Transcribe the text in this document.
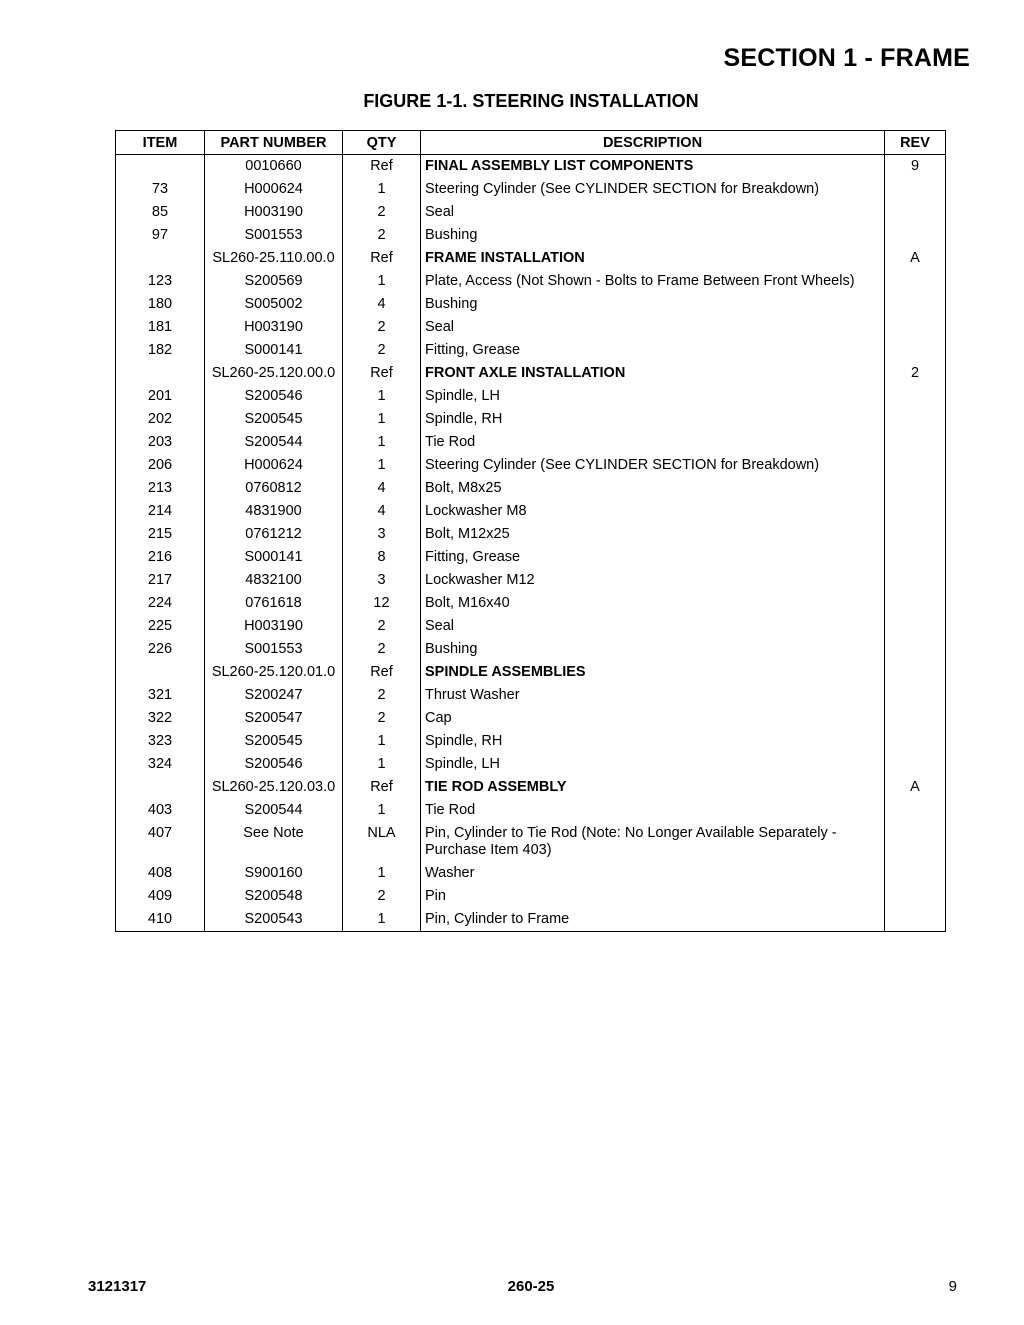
SECTION 1 - FRAME
FIGURE 1-1. STEERING INSTALLATION
ITEM	PART NUMBER	QTY	DESCRIPTION	REV
	0010660	Ref	FINAL ASSEMBLY LIST COMPONENTS	9
73	H000624	1	Steering Cylinder (See CYLINDER SECTION for Breakdown)	
85	H003190	2	Seal	
97	S001553	2	Bushing	
	SL260-25.110.00.0	Ref	FRAME INSTALLATION	A
123	S200569	1	Plate, Access (Not Shown - Bolts to Frame Between Front Wheels)	
180	S005002	4	Bushing	
181	H003190	2	Seal	
182	S000141	2	Fitting, Grease	
	SL260-25.120.00.0	Ref	FRONT AXLE INSTALLATION	2
201	S200546	1	Spindle, LH	
202	S200545	1	Spindle, RH	
203	S200544	1	Tie Rod	
206	H000624	1	Steering Cylinder (See CYLINDER SECTION for Breakdown)	
213	0760812	4	Bolt, M8x25	
214	4831900	4	Lockwasher M8	
215	0761212	3	Bolt, M12x25	
216	S000141	8	Fitting, Grease	
217	4832100	3	Lockwasher M12	
224	0761618	12	Bolt, M16x40	
225	H003190	2	Seal	
226	S001553	2	Bushing	
	SL260-25.120.01.0	Ref	SPINDLE ASSEMBLIES	
321	S200247	2	Thrust Washer	
322	S200547	2	Cap	
323	S200545	1	Spindle, RH	
324	S200546	1	Spindle, LH	
	SL260-25.120.03.0	Ref	TIE ROD ASSEMBLY	A
403	S200544	1	Tie Rod	
407	See Note	NLA	Pin, Cylinder to Tie Rod (Note: No Longer Available Separately - Purchase Item 403)	
408	S900160	1	Washer	
409	S200548	2	Pin	
410	S200543	1	Pin, Cylinder to Frame	
3121317	260-25	9
